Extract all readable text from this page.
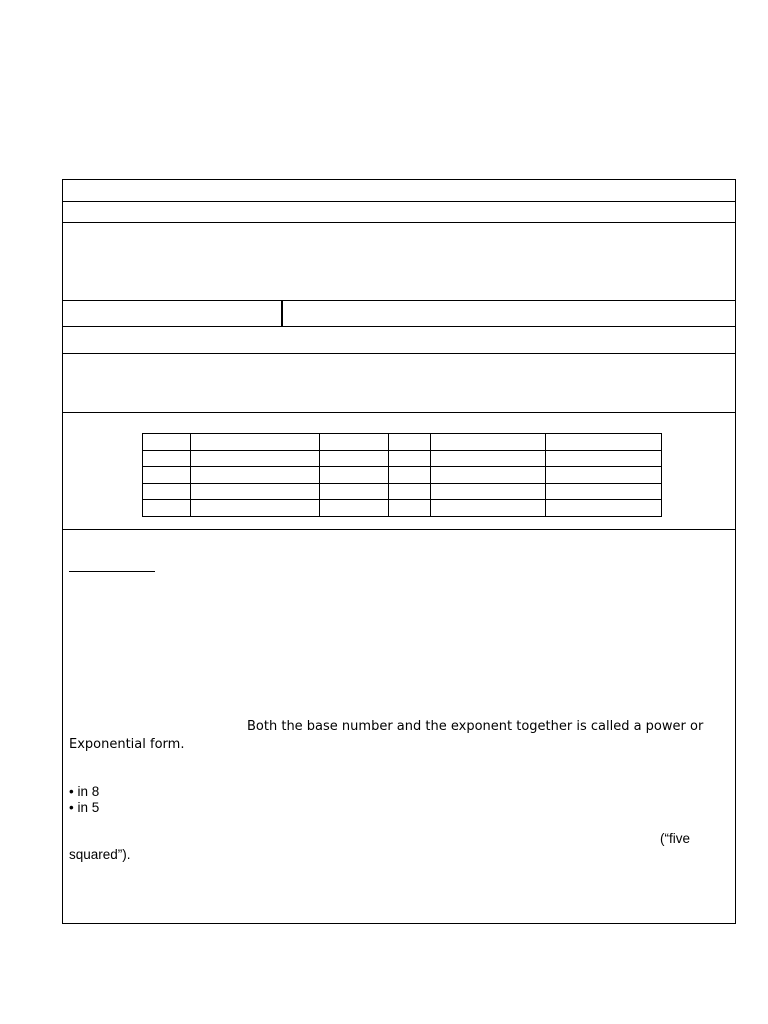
Both the base number and the exponent together is called a power or
Exponential form.
• in 8
• in 5
(“five
squared”).
